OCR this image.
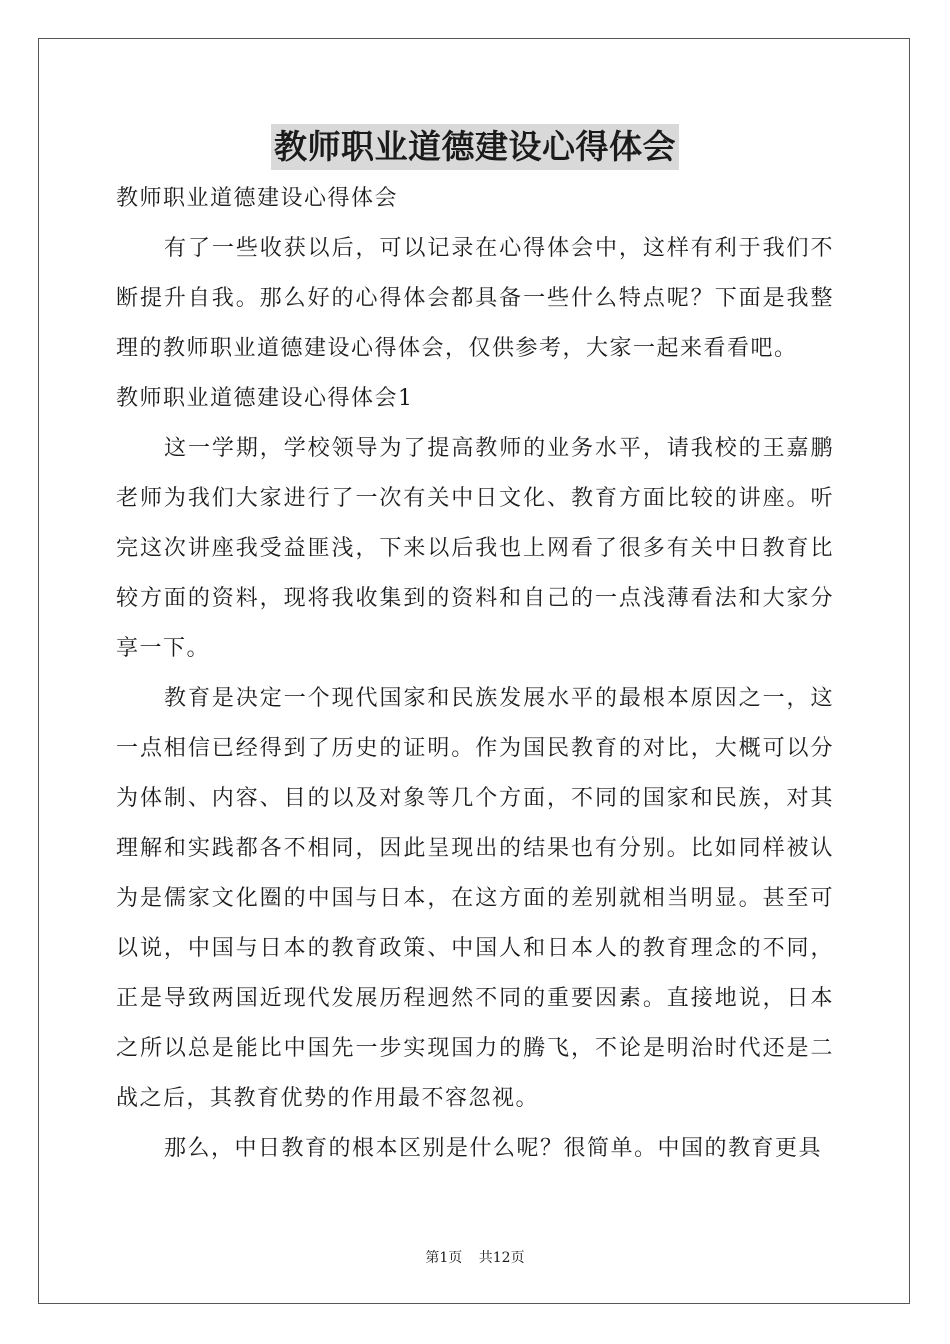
教师职业道德建设心得体会

教师职业道德建设心得体会

有了一些收获以后，可以记录在心得体会中，这样有利于我们不断提升自我。那么好的心得体会都具备一些什么特点呢？下面是我整理的教师职业道德建设心得体会，仅供参考，大家一起来看看吧。

教师职业道德建设心得体会1

这一学期，学校领导为了提高教师的业务水平，请我校的王嘉鹏老师为我们大家进行了一次有关中日文化、教育方面比较的讲座。听完这次讲座我受益匪浅，下来以后我也上网看了很多有关中日教育比较方面的资料，现将我收集到的资料和自己的一点浅薄看法和大家分享一下。

教育是决定一个现代国家和民族发展水平的最根本原因之一，这一点相信已经得到了历史的证明。作为国民教育的对比，大概可以分为体制、内容、目的以及对象等几个方面，不同的国家和民族，对其理解和实践都各不相同，因此呈现出的结果也有分别。比如同样被认为是儒家文化圈的中国与日本，在这方面的差别就相当明显。甚至可以说，中国与日本的教育政策、中国人和日本人的教育理念的不同，正是导致两国近现代发展历程迥然不同的重要因素。直接地说，日本之所以总是能比中国先一步实现国力的腾飞，不论是明治时代还是二战之后，其教育优势的作用最不容忽视。

那么，中日教育的根本区别是什么呢？很简单。中国的教育更具

第1页 共12页
